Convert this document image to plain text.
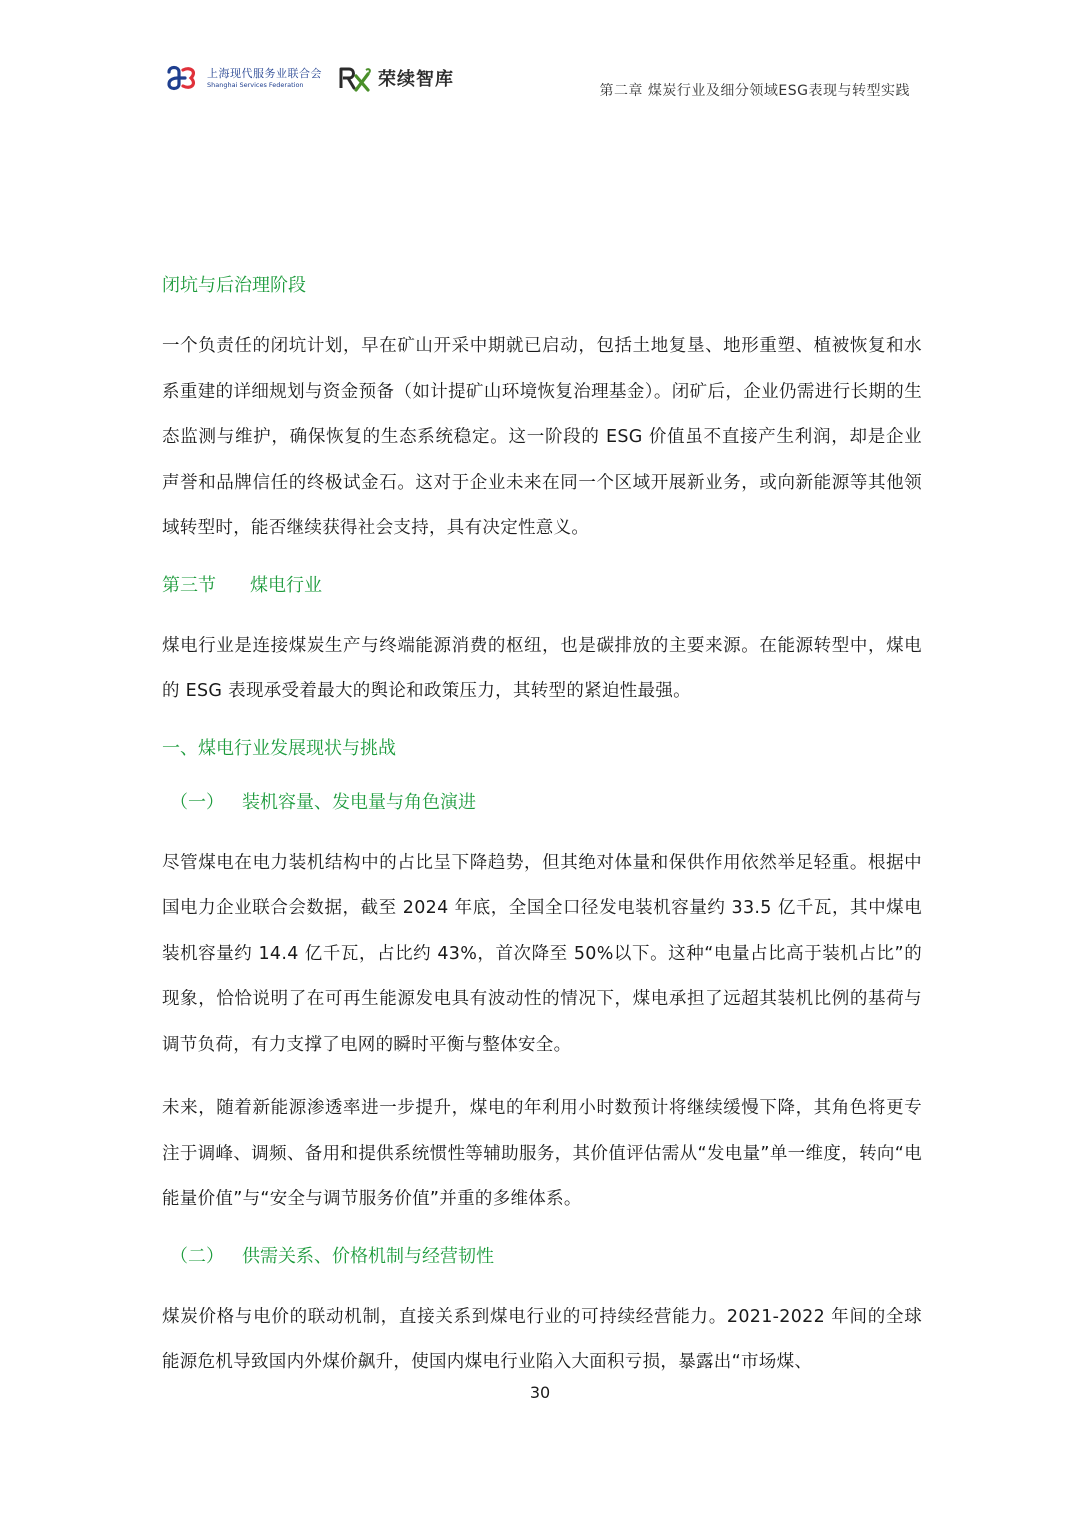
上海现代服务业联合会
Shanghai Services Federation	荣续智库
第二章 煤炭行业及细分领域ESG表现与转型实践

闭坑与后治理阶段

一个负责任的闭坑计划，早在矿山开采中期就已启动，包括土地复垦、地形重塑、植被恢复和水系重建的详细规划与资金预备（如计提矿山环境恢复治理基金）。闭矿后，企业仍需进行长期的生态监测与维护，确保恢复的生态系统稳定。这一阶段的 ESG 价值虽不直接产生利润，却是企业声誉和品牌信任的终极试金石。这对于企业未来在同一个区域开展新业务，或向新能源等其他领域转型时，能否继续获得社会支持，具有决定性意义。

第三节 煤电行业

煤电行业是连接煤炭生产与终端能源消费的枢纽，也是碳排放的主要来源。在能源转型中，煤电的 ESG 表现承受着最大的舆论和政策压力，其转型的紧迫性最强。

一、煤电行业发展现状与挑战

（一） 装机容量、发电量与角色演进

尽管煤电在电力装机结构中的占比呈下降趋势，但其绝对体量和保供作用依然举足轻重。根据中国电力企业联合会数据，截至 2024 年底，全国全口径发电装机容量约 33.5 亿千瓦，其中煤电装机容量约 14.4 亿千瓦，占比约 43%，首次降至 50%以下。这种“电量占比高于装机占比”的现象，恰恰说明了在可再生能源发电具有波动性的情况下，煤电承担了远超其装机比例的基荷与调节负荷，有力支撑了电网的瞬时平衡与整体安全。

未来，随着新能源渗透率进一步提升，煤电的年利用小时数预计将继续缓慢下降，其角色将更专注于调峰、调频、备用和提供系统惯性等辅助服务，其价值评估需从“发电量”单一维度，转向“电能量价值”与“安全与调节服务价值”并重的多维体系。

（二） 供需关系、价格机制与经营韧性

煤炭价格与电价的联动机制，直接关系到煤电行业的可持续经营能力。2021-2022 年间的全球能源危机导致国内外煤价飙升，使国内煤电行业陷入大面积亏损，暴露出“市场煤、

30
